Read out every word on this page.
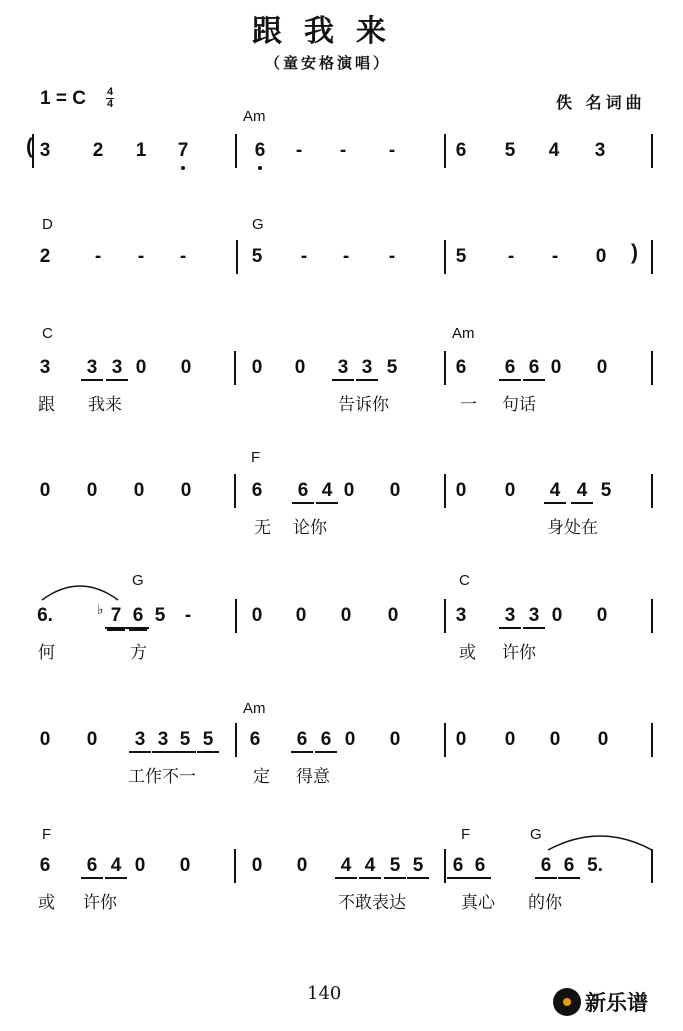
跟我来
（童安格演唱）
1 = C 4
4	佚 名词曲
Am
3	2	1	7	6	-	-	-	6	5	4	3
D	G
2	-	-	-	5	-	-	-	5	-	-	0
C	Am
3	3 3 0	0	0	0	3 3 5	6	6 6 0	0
跟 我来	告诉你	一 句话
F
0	0	0	0	6	6 4 0	0	0	0	4 4 5
无 论你	身处在
G	C
6.	7
♭	6 5	-	0	0	0	0	3	3 3 0	0
何	方	或 许你
Am
0	0	3 3 5 5	6	6 6 0	0	0	0	0	0
工作不一	定 得意
F	F	G
6	6 4 0	0	0	0	4 4 5 5	6 6	6 6 5.
或 许你	不敢表达	真心 的你
(
)
140	新乐谱
